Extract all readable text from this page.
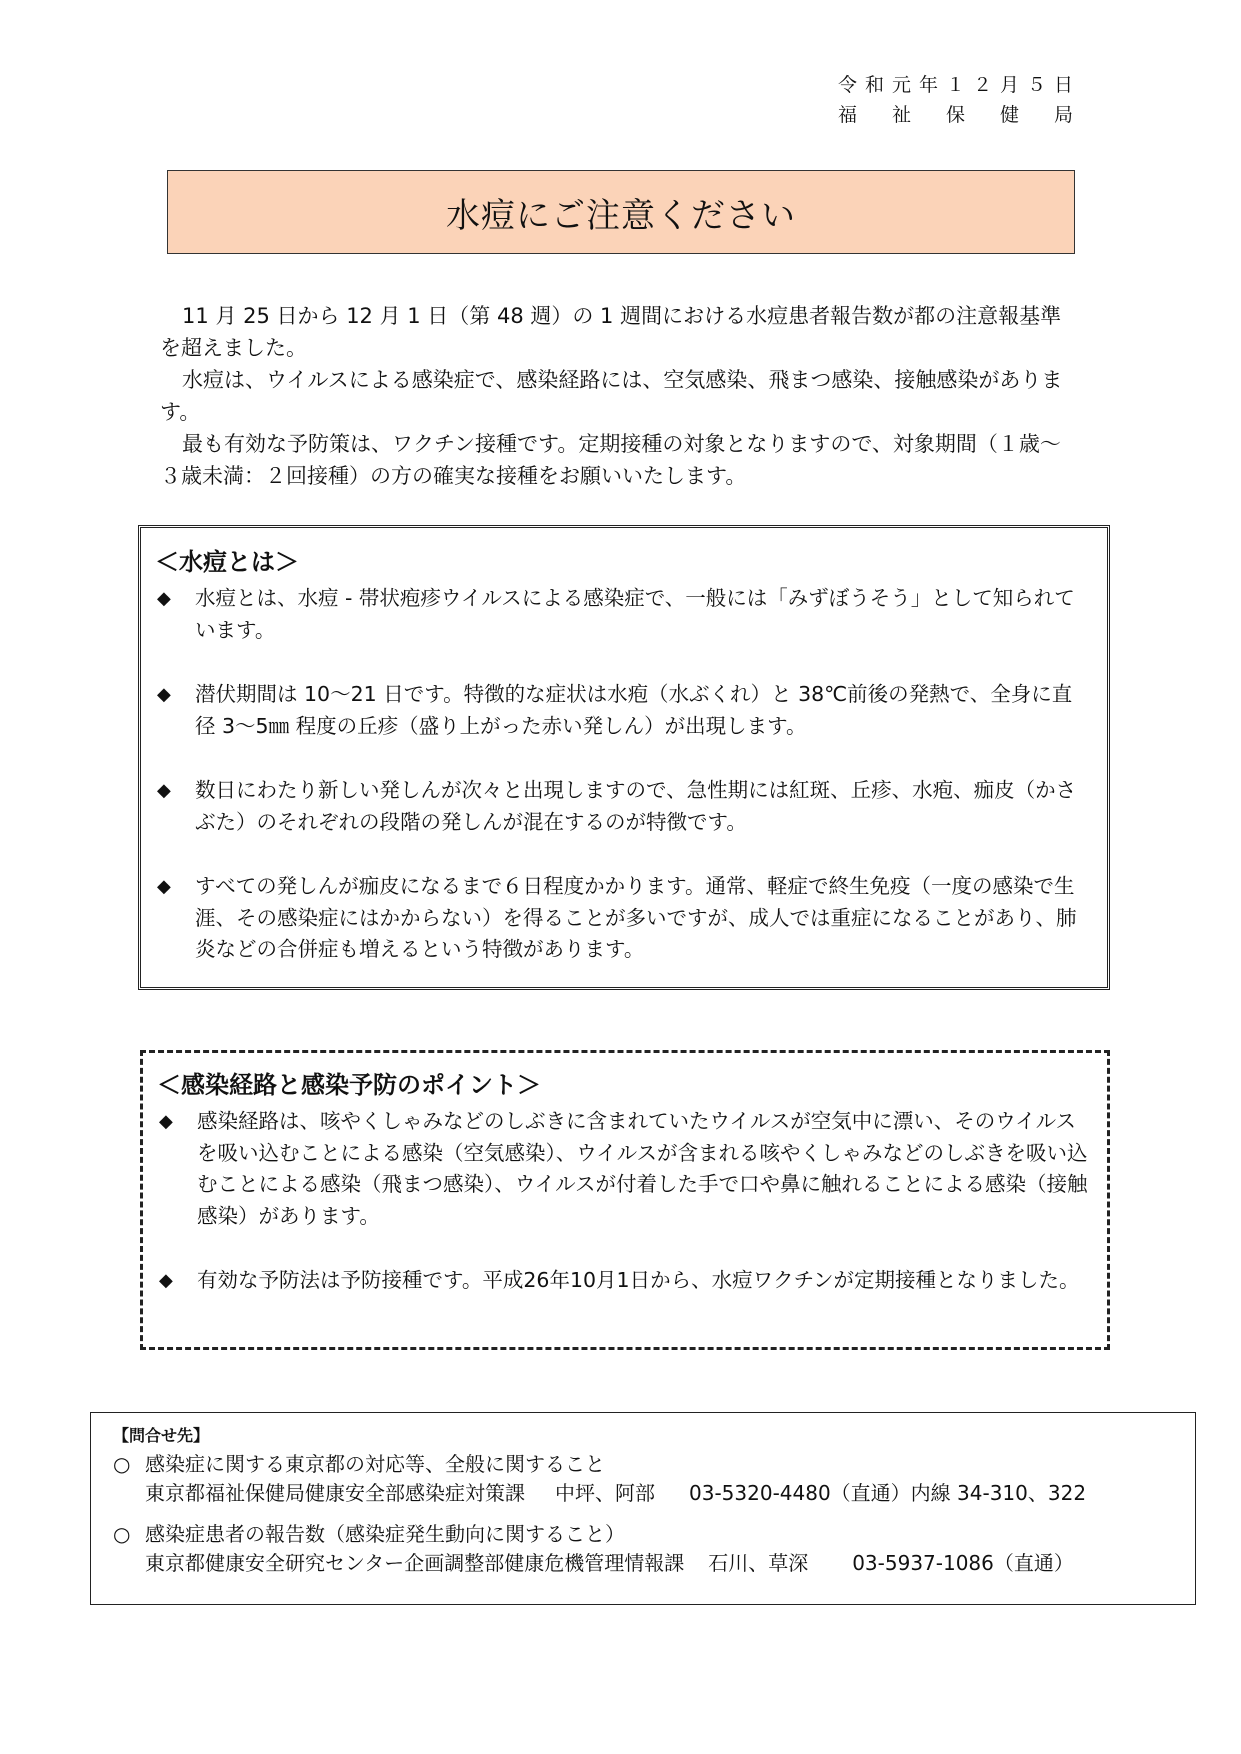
令和元年１２月５日
福　祉　保　健　局
水痘にご注意ください

11 月 25 日から 12 月 1 日（第 48 週）の 1 週間における水痘患者報告数が都の注意報基準を超えました。

水痘は、ウイルスによる感染症で、感染経路には、空気感染、飛まつ感染、接触感染があります。

最も有効な予防策は、ワクチン接種です。定期接種の対象となりますので、対象期間（１歳～３歳未満：２回接種）の方の確実な接種をお願いいたします。

＜水痘とは＞
◆	水痘とは、水痘 - 帯状疱疹ウイルスによる感染症で、一般には「みずぼうそう」として知られています。
◆	潜伏期間は 10～21 日です。特徴的な症状は水疱（水ぶくれ）と 38℃前後の発熱で、全身に直径 3～5㎜ 程度の丘疹（盛り上がった赤い発しん）が出現します。
◆	数日にわたり新しい発しんが次々と出現しますので、急性期には紅斑、丘疹、水疱、痂皮（かさぶた）のそれぞれの段階の発しんが混在するのが特徴です。
◆	すべての発しんが痂皮になるまで６日程度かかります。通常、軽症で終生免疫（一度の感染で生涯、その感染症にはかからない）を得ることが多いですが、成人では重症になることがあり、肺炎などの合併症も増えるという特徴があります。
＜感染経路と感染予防のポイント＞
◆	感染経路は、咳やくしゃみなどのしぶきに含まれていたウイルスが空気中に漂い、そのウイルスを吸い込むことによる感染（空気感染）、ウイルスが含まれる咳やくしゃみなどのしぶきを吸い込むことによる感染（飛まつ感染）、ウイルスが付着した手で口や鼻に触れることによる感染（接触感染）があります。
◆	有効な予防法は予防接種です。平成26年10月1日から、水痘ワクチンが定期接種となりました。
【問合せ先】
○ 感染症に関する東京都の対応等、全般に関すること
東京都福祉保健局健康安全部感染症対策課 中坪、阿部 03-5320-4480（直通）内線 34-310、322
○ 感染症患者の報告数（感染症発生動向に関すること）
東京都健康安全研究センター企画調整部健康危機管理情報課 石川、草深 03-5937-1086（直通）
